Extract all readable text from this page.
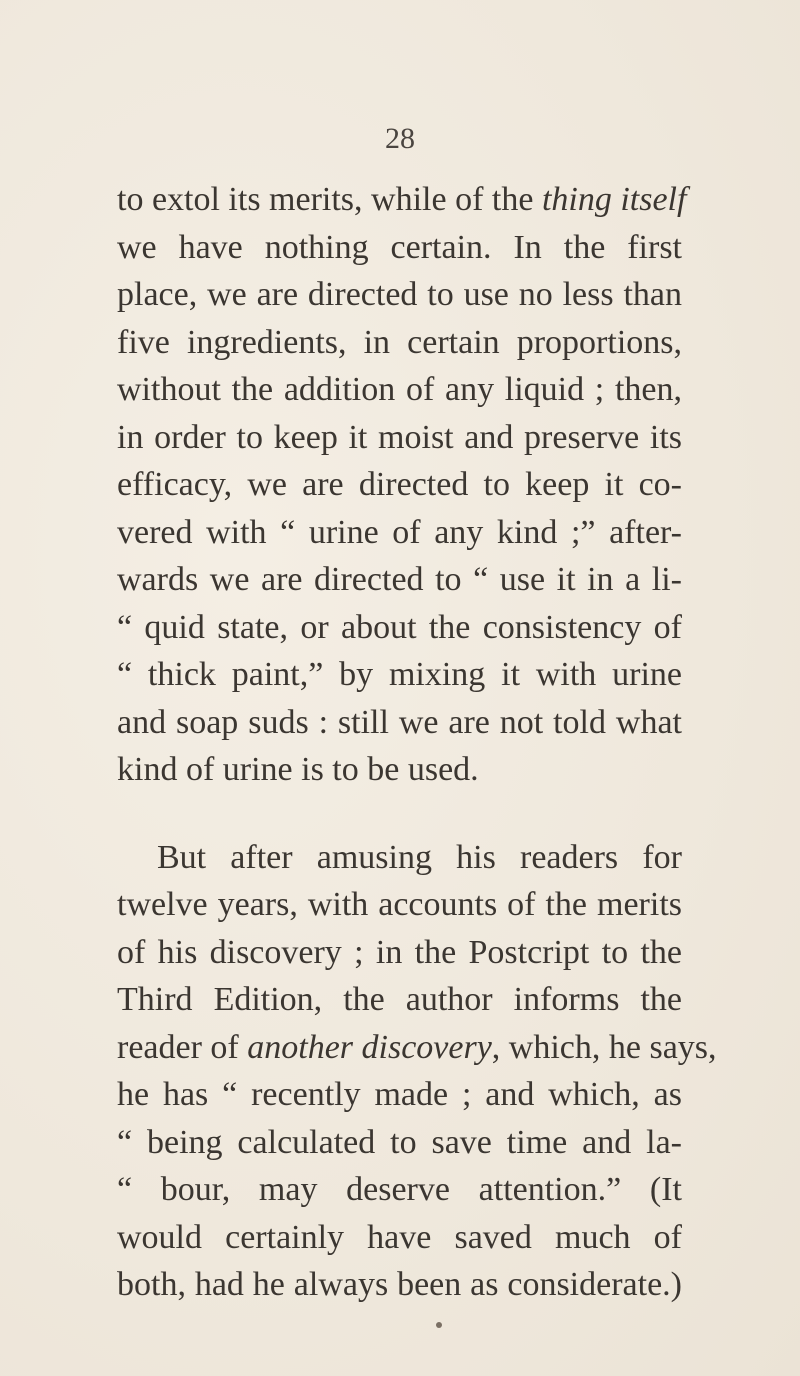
28
to extol its merits, while of the thing itself
we have nothing certain. In the first
place, we are directed to use no less than
five ingredients, in certain proportions,
without the addition of any liquid ; then,
in order to keep it moist and preserve its
efficacy, we are directed to keep it co-
vered with “ urine of any kind ;” after-
wards we are directed to “ use it in a li-
“ quid state, or about the consistency of
“ thick paint,” by mixing it with urine
and soap suds : still we are not told what
kind of urine is to be used.
But after amusing his readers for
twelve years, with accounts of the merits
of his discovery ; in the Postcript to the
Third Edition, the author informs the
reader of another discovery, which, he says,
he has “ recently made ; and which, as
“ being calculated to save time and la-
“ bour, may deserve attention.” (It
would certainly have saved much of
both, had he always been as considerate.)
